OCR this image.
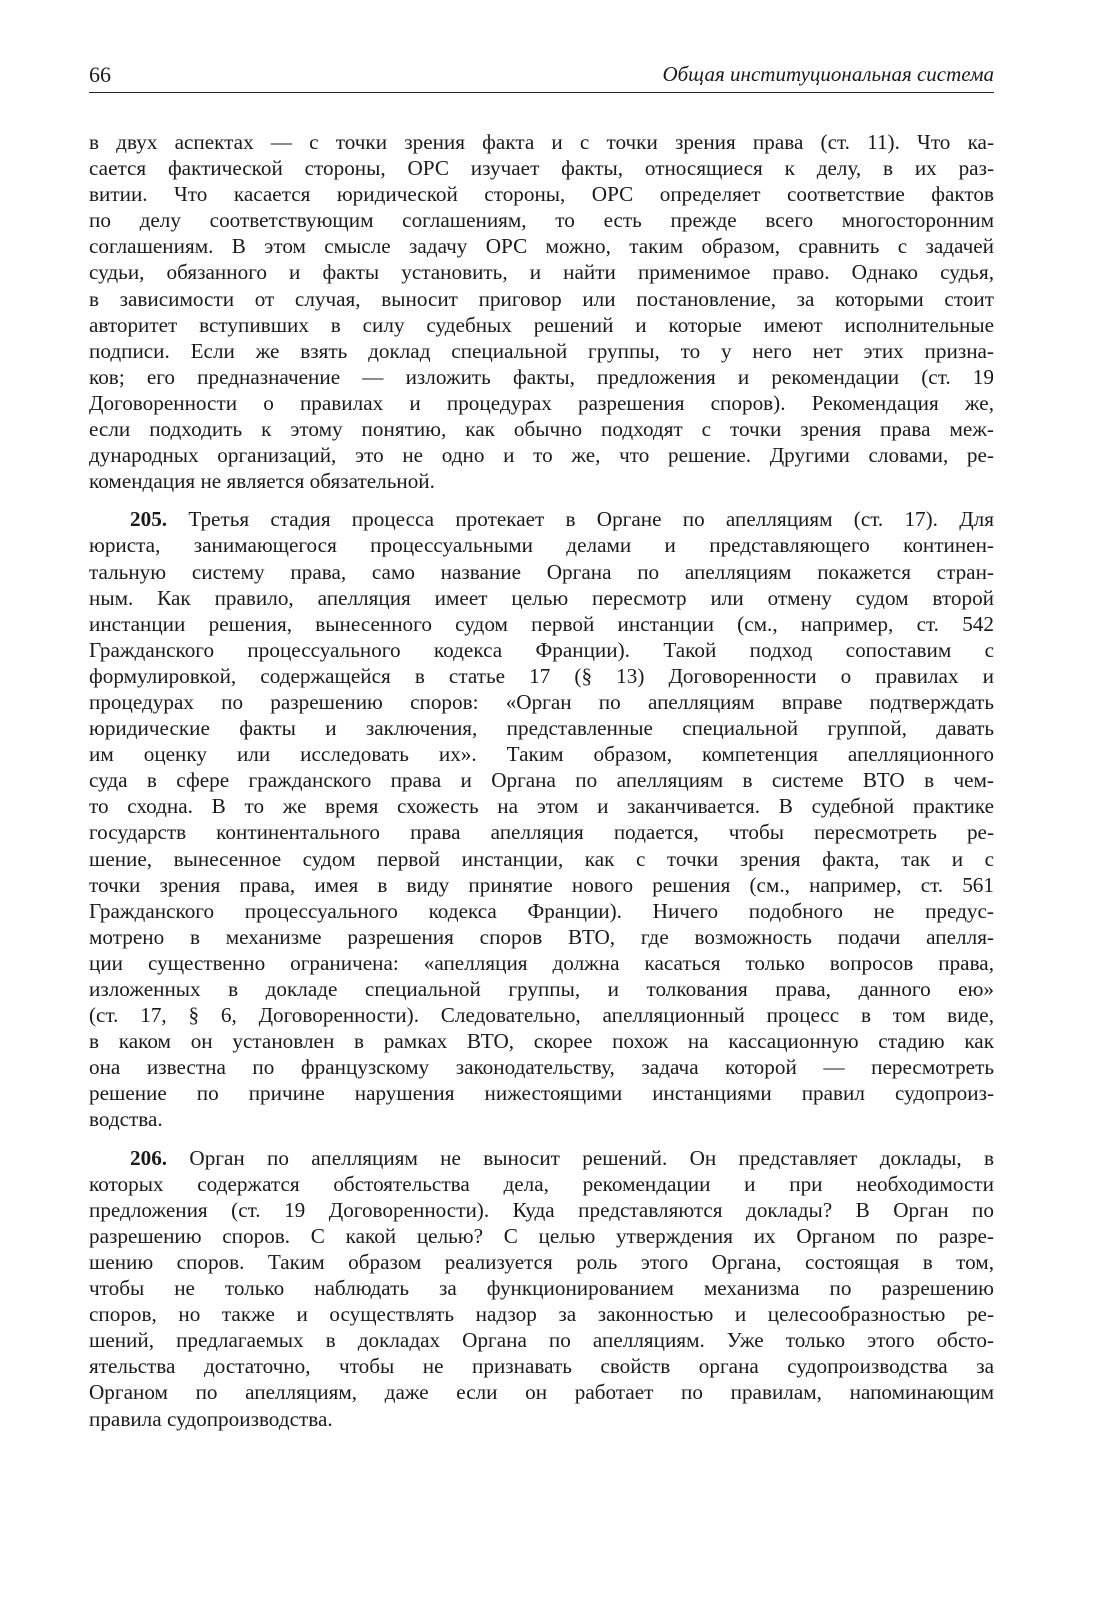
66	Общая институциональная система

в двух аспектах — с точки зрения факта и с точки зрения права (ст. 11). Что ка-
сается фактической стороны, ОРС изучает факты, относящиеся к делу, в их раз-
витии. Что касается юридической стороны, ОРС определяет соответствие фактов
по делу соответствующим соглашениям, то есть прежде всего многосторонним
соглашениям. В этом смысле задачу ОРС можно, таким образом, сравнить с задачей
судьи, обязанного и факты установить, и найти применимое право. Однако судья,
в зависимости от случая, выносит приговор или постановление, за которыми стоит
авторитет вступивших в силу судебных решений и которые имеют исполнительные
подписи. Если же взять доклад специальной группы, то у него нет этих призна-
ков; его предназначение — изложить факты, предложения и рекомендации (ст. 19
Договоренности о правилах и процедурах разрешения споров). Рекомендация же,
если подходить к этому понятию, как обычно подходят с точки зрения права меж-
дународных организаций, это не одно и то же, что решение. Другими словами, ре-
комендация не является обязательной.

205. Третья стадия процесса протекает в Органе по апелляциям (ст. 17). Для
юриста, занимающегося процессуальными делами и представляющего континен-
тальную систему права, само название Органа по апелляциям покажется стран-
ным. Как правило, апелляция имеет целью пересмотр или отмену судом второй
инстанции решения, вынесенного судом первой инстанции (см., например, ст. 542
Гражданского процессуального кодекса Франции). Такой подход сопоставим с
формулировкой, содержащейся в статье 17 (§ 13) Договоренности о правилах и
процедурах по разрешению споров: «Орган по апелляциям вправе подтверждать
юридические факты и заключения, представленные специальной группой, давать
им оценку или исследовать их». Таким образом, компетенция апелляционного
суда в сфере гражданского права и Органа по апелляциям в системе ВТО в чем-
то сходна. В то же время схожесть на этом и заканчивается. В судебной практике
государств континентального права апелляция подается, чтобы пересмотреть ре-
шение, вынесенное судом первой инстанции, как с точки зрения факта, так и с
точки зрения права, имея в виду принятие нового решения (см., например, ст. 561
Гражданского процессуального кодекса Франции). Ничего подобного не предус-
мотрено в механизме разрешения споров ВТО, где возможность подачи апелля-
ции существенно ограничена: «апелляция должна касаться только вопросов права,
изложенных в докладе специальной группы, и толкования права, данного ею»
(ст. 17, § 6, Договоренности). Следовательно, апелляционный процесс в том виде,
в каком он установлен в рамках ВТО, скорее похож на кассационную стадию как
она известна по французскому законодательству, задача которой — пересмотреть
решение по причине нарушения нижестоящими инстанциями правил судопроиз-
водства.

206. Орган по апелляциям не выносит решений. Он представляет доклады, в
которых содержатся обстоятельства дела, рекомендации и при необходимости
предложения (ст. 19 Договоренности). Куда представляются доклады? В Орган по
разрешению споров. С какой целью? С целью утверждения их Органом по разре-
шению споров. Таким образом реализуется роль этого Органа, состоящая в том,
чтобы не только наблюдать за функционированием механизма по разрешению
споров, но также и осуществлять надзор за законностью и целесообразностью ре-
шений, предлагаемых в докладах Органа по апелляциям. Уже только этого обсто-
ятельства достаточно, чтобы не признавать свойств органа судопроизводства за
Органом по апелляциям, даже если он работает по правилам, напоминающим
правила судопроизводства.
